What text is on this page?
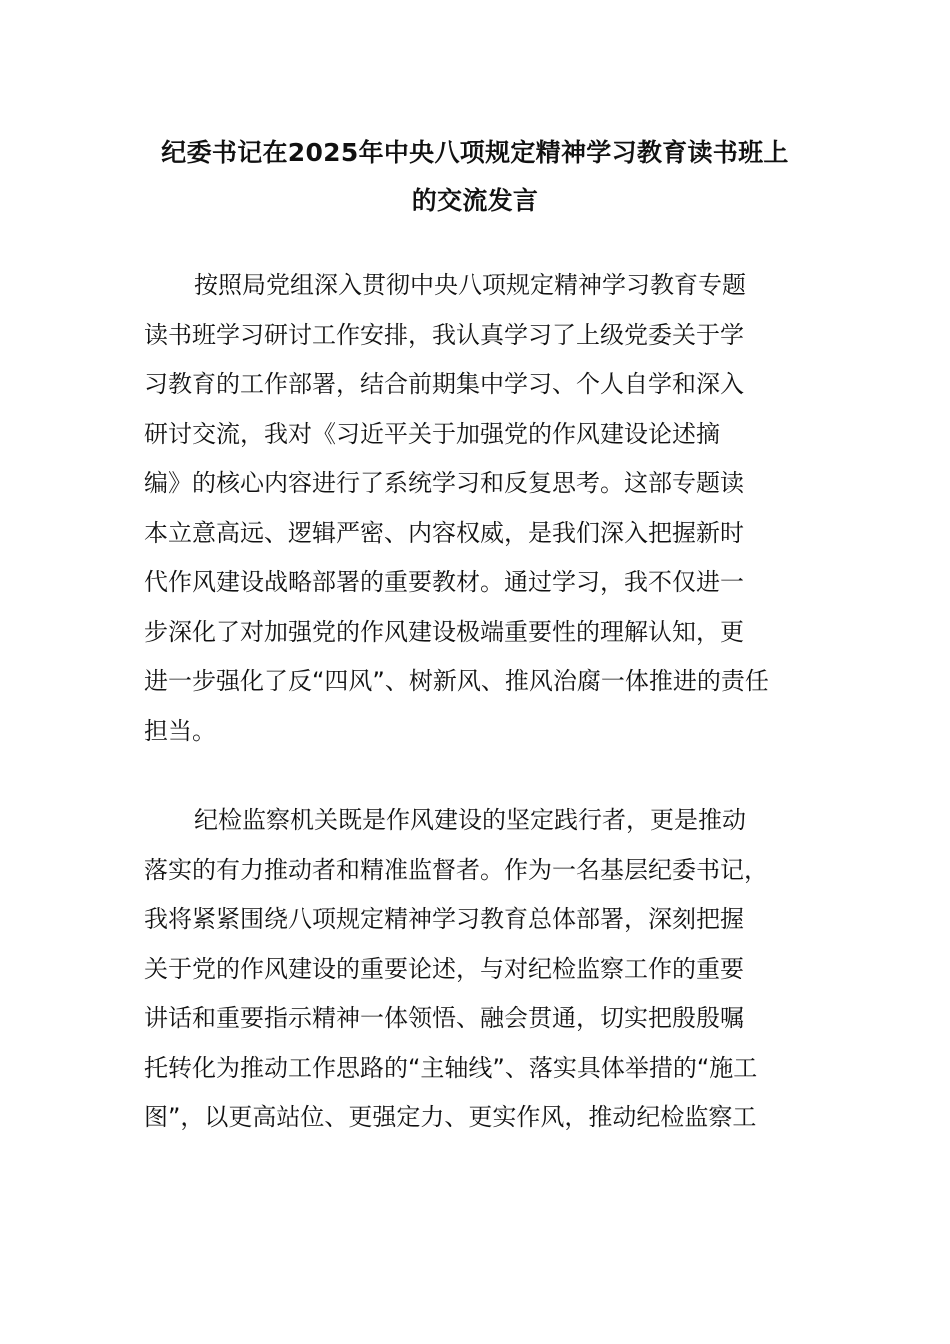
纪委书记在2025年中央八项规定精神学习教育读书班上
的交流发言
按照局党组深入贯彻中央八项规定精神学习教育专题
读书班学习研讨工作安排，我认真学习了上级党委关于学
习教育的工作部署，结合前期集中学习、个人自学和深入
研讨交流，我对《习近平关于加强党的作风建设论述摘
编》的核心内容进行了系统学习和反复思考。这部专题读
本立意高远、逻辑严密、内容权威，是我们深入把握新时
代作风建设战略部署的重要教材。通过学习，我不仅进一
步深化了对加强党的作风建设极端重要性的理解认知，更
进一步强化了反“四风”、树新风、推风治腐一体推进的责任
担当。
纪检监察机关既是作风建设的坚定践行者，更是推动
落实的有力推动者和精准监督者。作为一名基层纪委书记，
我将紧紧围绕八项规定精神学习教育总体部署，深刻把握
关于党的作风建设的重要论述，与对纪检监察工作的重要
讲话和重要指示精神一体领悟、融会贯通，切实把殷殷嘱
托转化为推动工作思路的“主轴线”、落实具体举措的“施工
图”，以更高站位、更强定力、更实作风，推动纪检监察工
